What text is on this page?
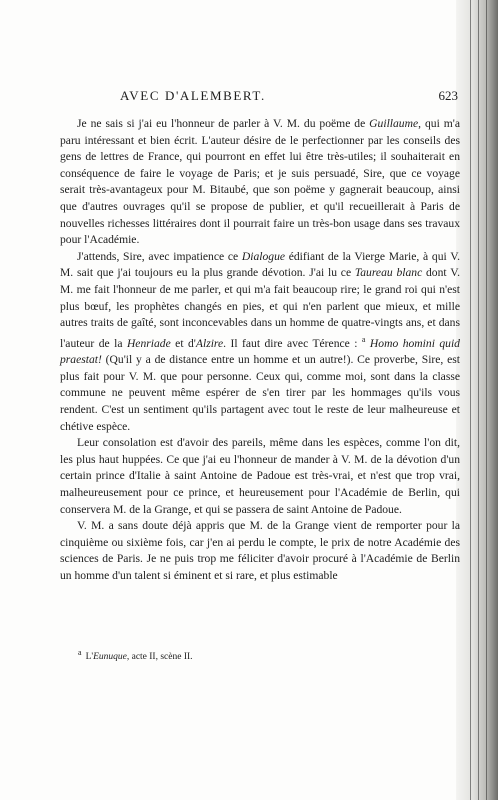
AVEC D'ALEMBERT.	623

Je ne sais si j'ai eu l'honneur de parler à V. M. du poëme de Guillaume, qui m'a paru intéressant et bien écrit. L'auteur désire de le perfectionner par les conseils des gens de lettres de France, qui pourront en effet lui être très-utiles; il souhaiterait en conséquence de faire le voyage de Paris; et je suis persuadé, Sire, que ce voyage serait très-avantageux pour M. Bitaubé, que son poëme y gagnerait beaucoup, ainsi que d'autres ouvrages qu'il se propose de publier, et qu'il recueillerait à Paris de nouvelles richesses littéraires dont il pourrait faire un très-bon usage dans ses travaux pour l'Académie.

J'attends, Sire, avec impatience ce Dialogue édifiant de la Vierge Marie, à qui V. M. sait que j'ai toujours eu la plus grande dévotion. J'ai lu ce Taureau blanc dont V. M. me fait l'honneur de me parler, et qui m'a fait beaucoup rire; le grand roi qui n'est plus bœuf, les prophètes changés en pies, et qui n'en parlent que mieux, et mille autres traits de gaîté, sont inconcevables dans un homme de quatre-vingts ans, et dans l'auteur de la Henriade et d'Alzire. Il faut dire avec Térence : $^a$ Homo homini quid praestat! (Qu'il y a de distance entre un homme et un autre!). Ce proverbe, Sire, est plus fait pour V. M. que pour personne. Ceux qui, comme moi, sont dans la classe commune ne peuvent même espérer de s'en tirer par les hommages qu'ils vous rendent. C'est un sentiment qu'ils partagent avec tout le reste de leur malheureuse et chétive espèce.

Leur consolation est d'avoir des pareils, même dans les espèces, comme l'on dit, les plus haut huppées. Ce que j'ai eu l'honneur de mander à V. M. de la dévotion d'un certain prince d'Italie à saint Antoine de Padoue est très-vrai, et n'est que trop vrai, malheureusement pour ce prince, et heureusement pour l'Académie de Berlin, qui conservera M. de la Grange, et qui se passera de saint Antoine de Padoue.

V. M. a sans doute déjà appris que M. de la Grange vient de remporter pour la cinquième ou sixième fois, car j'en ai perdu le compte, le prix de notre Académie des sciences de Paris. Je ne puis trop me féliciter d'avoir procuré à l'Académie de Berlin un homme d'un talent si éminent et si rare, et plus estimable

$^a$ L'Eunuque, acte II, scène II.
